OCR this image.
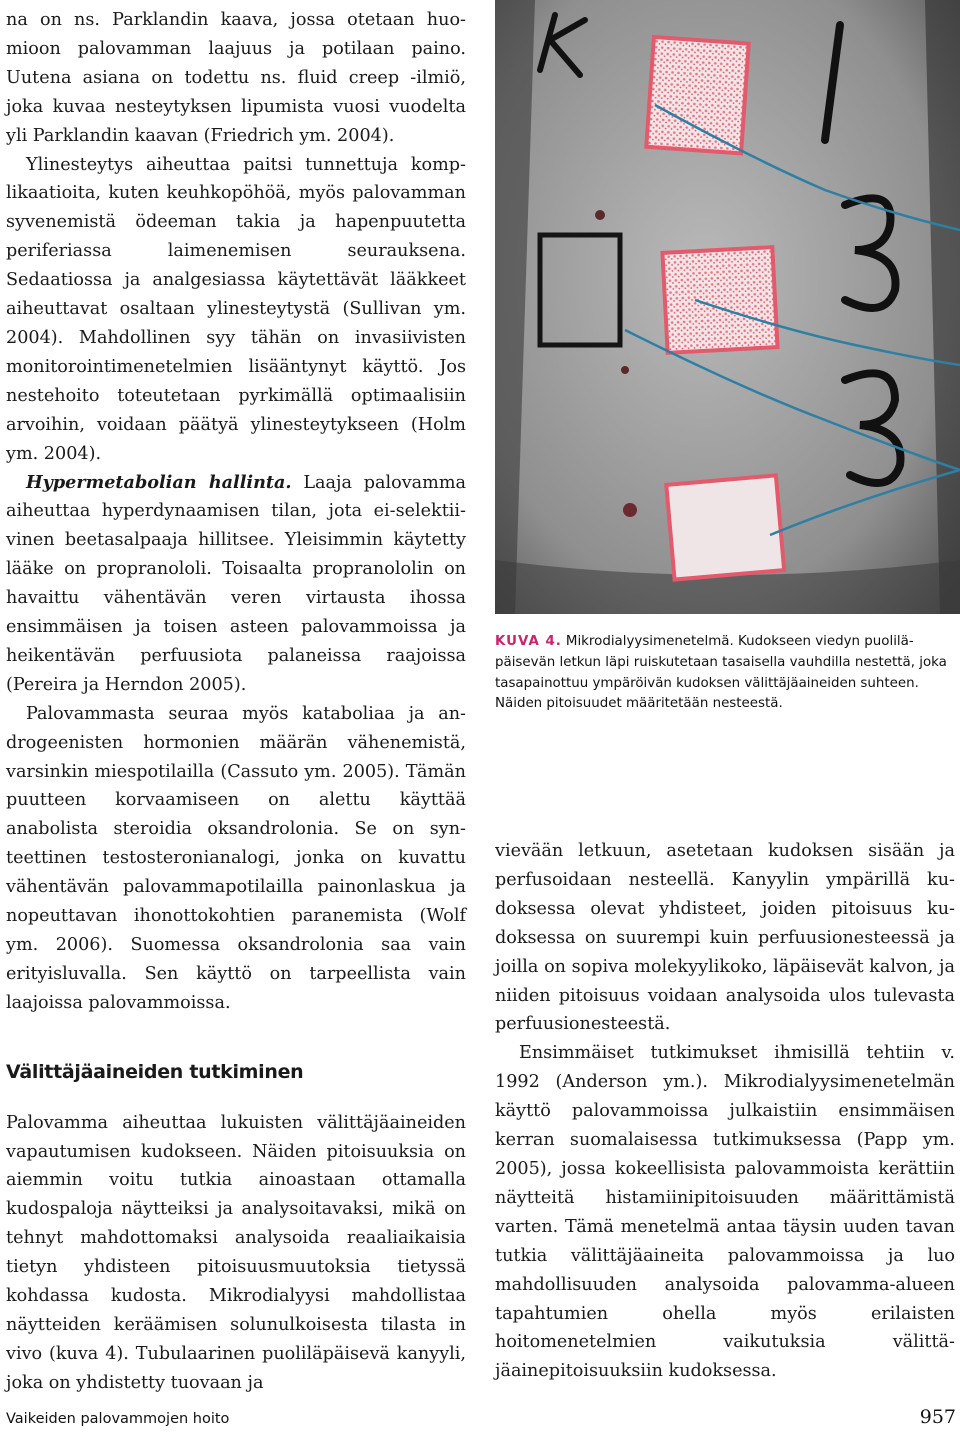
na on ns. Parklandin kaava, jossa otetaan huomioon palovamman laajuus ja potilaan paino. Uutena asiana on todettu ns. fluid creep -ilmiö, joka kuvaa nesteytyksen lipumista vuosi vuodelta yli Parklandin kaavan (Friedrich ym. 2004).

Ylinesteytys aiheuttaa paitsi tunnettuja komplikaatioita, kuten keuhkopöhöä, myös palovamman syvenemistä ödeeman takia ja hapenpuutetta periferiassa laimenemisen seurauksena. Sedaatiossa ja analgesiassa käytettävät lääkkeet aiheuttavat osaltaan ylinesteytystä (Sullivan ym. 2004). Mahdollinen syy tähän on invasiivisten monitorointimenetelmien lisääntynyt käyttö. Jos nestehoito toteutetaan pyrkimällä optimaalisiin arvoihin, voidaan päätyä ylinesteytykseen (Holm ym. 2004).

Hypermetabolian hallinta. Laaja palovamma aiheuttaa hyperdynaamisen tilan, jota ei-selektiivinen beetasalpaaja hillitsee. Yleisimmin käytetty lääke on propranololi. Toisaalta propranololin on havaittu vähentävän veren virtausta ihossa ensimmäisen ja toisen asteen palovammoissa ja heikentävän perfuusiota palaneissa raajoissa (Pereira ja Herndon 2005).

Palovammasta seuraa myös kataboliaa ja androgeenisten hormonien määrän vähenemistä, varsinkin miespotilailla (Cassuto ym. 2005). Tämän puutteen korvaamiseen on alettu käyttää anabolista steroidia oksandrolonia. Se on synteettinen testosteronianalogi, jonka on kuvattu vähentävän palovammapotilailla painonlaskua ja nopeuttavan ihonottokohtien paranemista (Wolf ym. 2006). Suomessa oksandrolonia saa vain erityisluvalla. Sen käyttö on tarpeellista vain laajoissa palovammoissa.

Välittäjäaineiden tutkiminen

Palovamma aiheuttaa lukuisten välittäjäaineiden vapautumisen kudokseen. Näiden pitoisuuksia on aiemmin voitu tutkia ainoastaan ottamalla kudospaloja näytteiksi ja analysoitavaksi, mikä on tehnyt mahdottomaksi analysoida reaaliaikaisia tietyn yhdisteen pitoisuusmuutoksia tietyssä kohdassa kudosta. Mikrodialyysi mahdollistaa näytteiden keräämisen solunulkoisesta tilasta in vivo (kuva 4). Tubulaarinen puoliläpäisevä kanyyli, joka on yhdistetty tuovaan ja

KUVA 4. Mikrodialyysimenetelmä. Kudokseen viedyn puoliläpäisevän letkun läpi ruiskutetaan tasaisella vauhdilla nestettä, joka tasapainottuu ympäröivän kudoksen välittäjäaineiden suhteen. Näiden pitoisuudet määritetään nesteestä.

vievään letkuun, asetetaan kudoksen sisään ja perfusoidaan nesteellä. Kanyylin ympärillä kudoksessa olevat yhdisteet, joiden pitoisuus kudoksessa on suurempi kuin perfuusionesteessä ja joilla on sopiva molekyylikoko, läpäisevät kalvon, ja niiden pitoisuus voidaan analysoida ulos tulevasta perfuusionesteestä.

Ensimmäiset tutkimukset ihmisillä tehtiin v. 1992 (Anderson ym.). Mikrodialyysimenetelmän käyttö palovammoissa julkaistiin ensimmäisen kerran suomalaisessa tutkimuksessa (Papp ym. 2005), jossa kokeellisista palovammoista kerättiin näytteitä histamiinipitoisuuden määrittämistä varten. Tämä menetelmä antaa täysin uuden tavan tutkia välittäjäaineita palovammoissa ja luo mahdollisuuden analysoida palovamma-alueen tapahtumien ohella myös erilaisten hoitomenetelmien vaikutuksia välittäjäainepitoisuuksiin kudoksessa.

Vaikeiden palovammojen hoito	957
